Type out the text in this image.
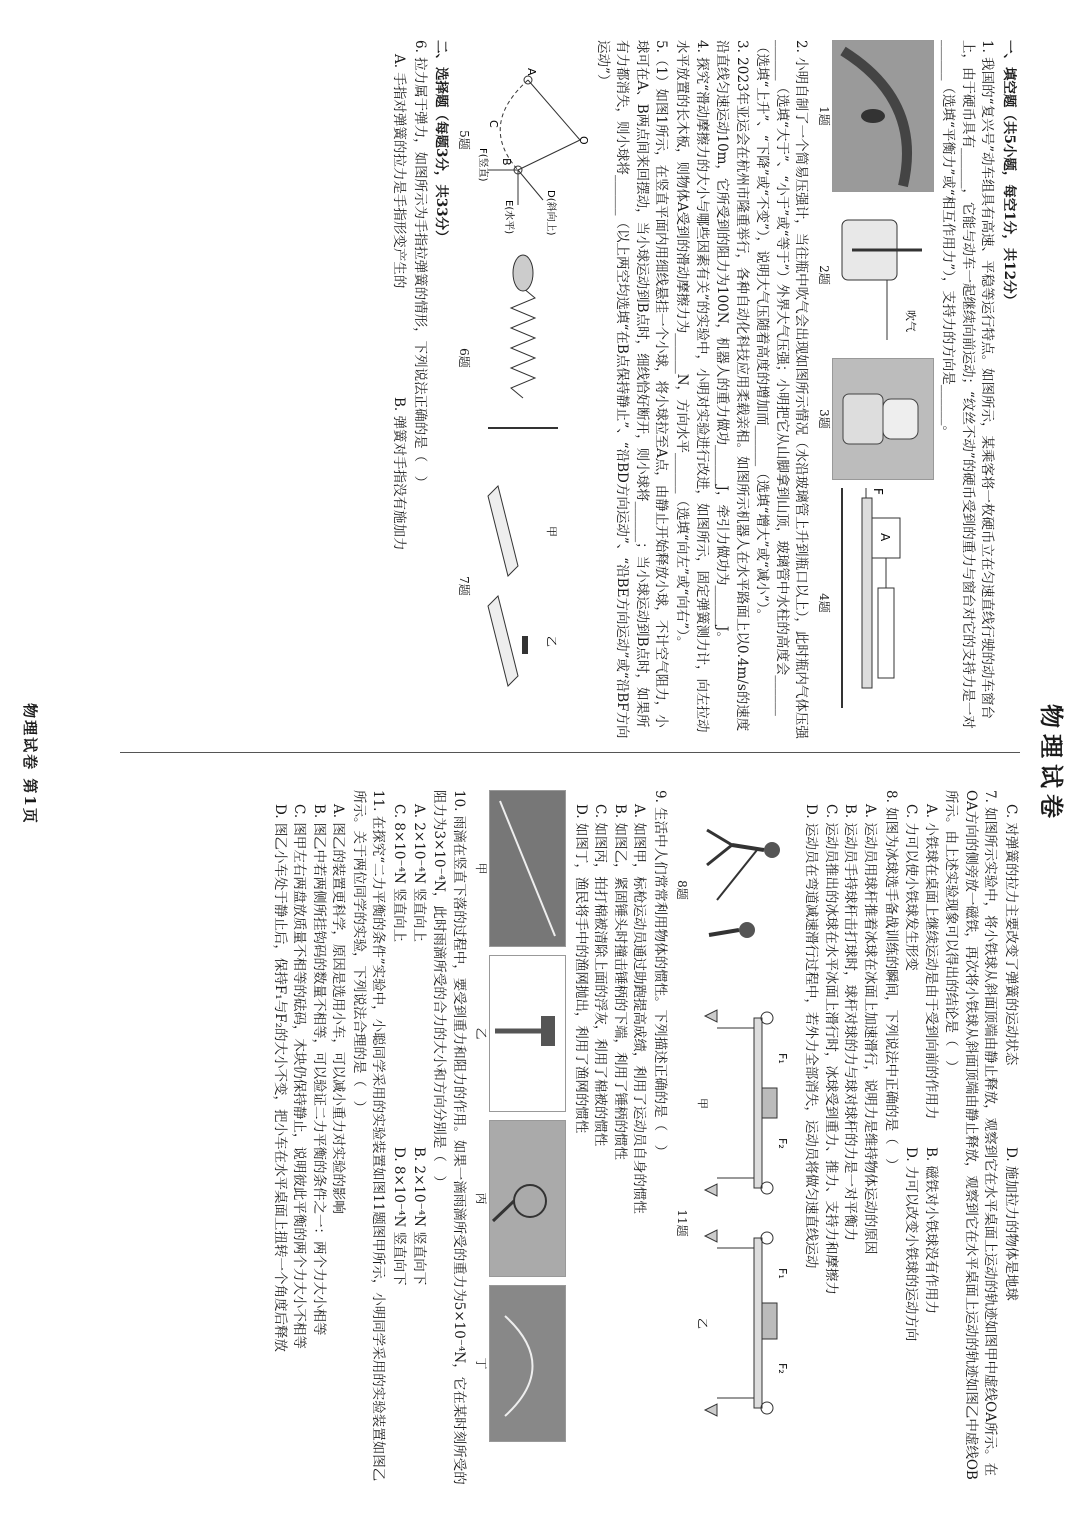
物理试卷
一、填空题（共5小题，每空1分，共12分）
1. 我国的“复兴号”动车组具有高速、平稳等运行特点。如图所示，某乘客将一枚硬币立在匀速直线行驶的动车窗台上，由于硬币具有______，它能与动车一起继续向前运动；“纹丝不动”的硬币受到的重力与窗台对它的支持力是一对______（选填“平衡力”或“相互作用力”），支持力的方向是______。
1题
吹气
2题
3题
A
F
4题
2. 小明自制了一个简易压强计，当往瓶中吹气会出现如图所示情况（水沿玻璃管上升到瓶口以上），此时瓶内气体压强______（选填“大于”、“小于”或“等于”）外界大气压强；小明把它从山脚拿到山顶，玻璃管中水柱的高度会______（选填“上升”、“下降”或“不变”），说明大气压随着高度的增加而______（选填“增大”或“减小”）。
3. 2023年亚运会在杭州市隆重举行，各种自动化科技应用柔载亲相。如图所示机器人在水平路面上以0.4m/s的速度沿直线匀速运动10m，它所受到的阻力为100N，机器人的重力做功______J，牵引力做功为______J。
4. 探究“滑动摩擦力的大小与哪些因素有关”的实验中，小明对实验进行改进，如图所示，固定弹簧测力计，向左拉动水平放置的长木板，则物体A受到的滑动摩擦力为______N，方向水平______（选填“向左”或“向右”）。
5.（1）如图1所示，在竖直平面内用细线悬挂一个小球，将小球拉至A点，由静止开始释放小球，不计空气阻力，小球可在A、B两点间来回摆动，当小球运动到B点时，细线恰好断开，则小球将______；当小球运动到B点时，如果所有力都消失，则小球将______（以上两空均选填“在B点保持静止”、“沿BD方向运动”、“沿BE方向运动”或“沿BF方向运动”）
O
A
B
C
D(斜向上)
E(水平)
F(竖直)
5题
6题
甲
乙
7题
二、选择题（每题3分，共33分）
6. 拉力属于弹力，如图所示为手指拉弹簧的情形，下列说法正确的是（　）
A. 手指对弹簧的拉力是手指形变产生的
B. 弹簧对手指没有施加力
C. 对弹簧的拉力主要改变了弹簧的运动状态
D. 施加拉力的物体是地球
7. 如图所示实验中，将小铁球从斜面顶端由静止释放，观察到它在水平桌面上运动的轨迹如图甲中虚线OA所示。在OA方向的侧旁放一磁铁，再次将小铁球从斜面顶端由静止释放，观察到它在水平桌面上运动的轨迹如图乙中虚线OB所示。由上述实验现象可以得出的结论是（　）
A. 小铁球在桌面上继续运动是由于受到向前的作用力
B. 磁铁对小铁球没有作用力
C. 力可以使小铁球发生形变
D. 力可以改变小铁球的运动方向
8. 如图为冰球选手备战训练的瞬间，下列说法中正确的是（　）
A. 运动员用球杆推着冰球在冰面上加速滑行，说明力是维持物体运动的原因
B. 运动员手持球杆击打球时，球杆对球的力与球对球杆的力是一对平衡力
C. 运动员推出的冰球在水平冰面上滑行时，冰球受到重力、推力、支持力和摩擦力
D. 运动员在弯道减速滑行过程中，若外力全部消失，运动员将做匀速直线运动
8题
F₁
F₂
甲
F₁
F₂
乙
11题
9. 生活中人们常常利用物体的惯性。下列描述正确的是（　）
A. 如图甲，标枪运动员通过助跑提高成绩，利用了运动员自身的惯性
B. 如图乙，紧固锤头时撞击锤柄的下端，利用了锤柄的惯性
C. 如图丙，拍打棉被清除上面的浮灰，利用了棉被的惯性
D. 如图丁，渔民将手中的渔网抛出，利用了渔网的惯性
甲
乙
丙
丁
10. 雨滴在竖直下落的过程中，要受到重力和阻力的作用。如果一滴雨滴所受的重力为5×10⁻⁴N，它在某时刻所受的阻力为3×10⁻⁴N，此时雨滴所受的合力的大小和方向分别是（　）
A. 2×10⁻⁴N 竖直向上
B. 2×10⁻⁴N 竖直向下
C. 8×10⁻⁴N 竖直向上
D. 8×10⁻⁴N 竖直向下
11. 在探究“二力平衡的条件”实验中，小聪同学采用的实验装置如图11题图甲所示，小明同学采用的实验装置如图乙所示。关于两位同学的实验，下列说法合理的是（　）
A. 图乙的装置更科学，原因是选用小车，可以减小重力对实验的影响
B. 图乙中若两侧所挂钩码的数量不相等，可以验证二力平衡的条件之一：两个力大小相等
C. 图甲左右两盘放质量不相等的砝码，木块仍保持静止，说明彼此平衡的两个力大小不相等
D. 图乙小车处于静止后，保持F₁与F₂的大小不变，把小车在水平桌面上扭转一个角度后释放
物理试卷 第1页
